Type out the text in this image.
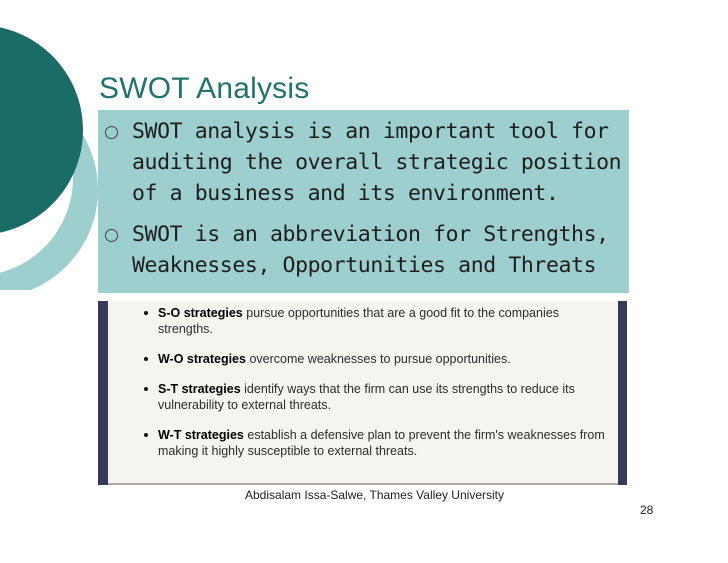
SWOT Analysis
SWOT analysis is an important tool for auditing the overall strategic position of a business and its environment.
SWOT is an abbreviation for Strengths, Weaknesses, Opportunities and Threats
S-O strategies pursue opportunities that are a good fit to the companies strengths.
W-O strategies overcome weaknesses to pursue opportunities.
S-T strategies identify ways that the firm can use its strengths to reduce its vulnerability to external threats.
W-T strategies establish a defensive plan to prevent the firm's weaknesses from making it highly susceptible to external threats.
Abdisalam Issa-Salwe, Thames Valley University
28
